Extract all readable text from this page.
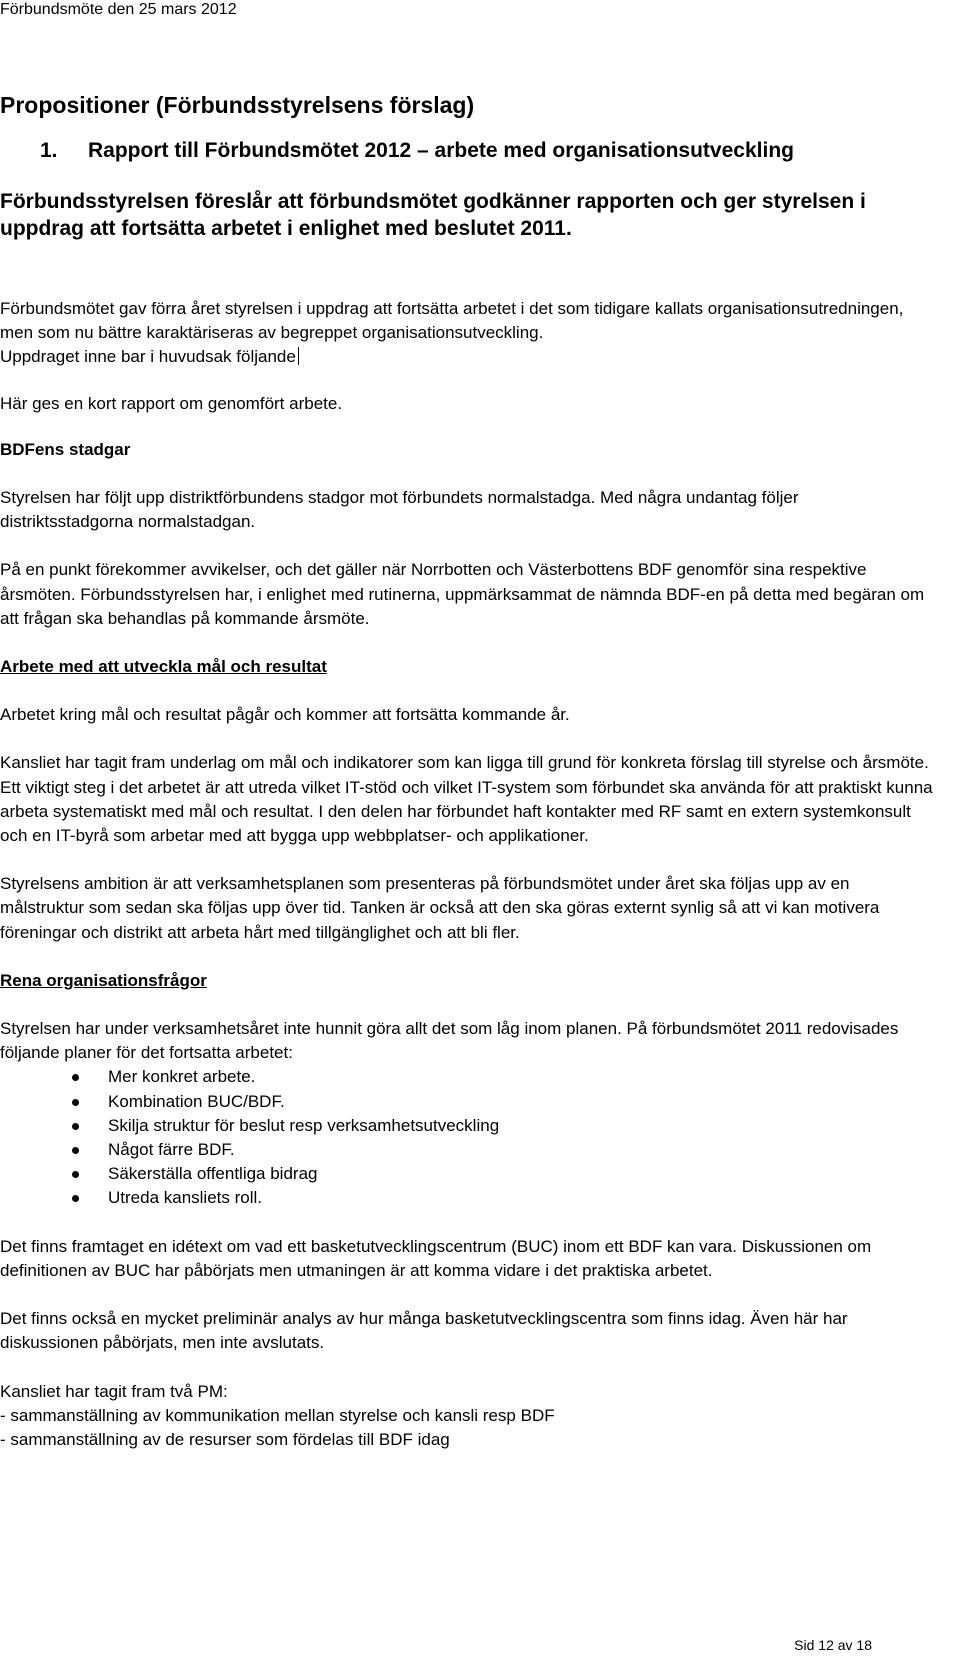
Förbundsmöte den 25 mars 2012
Propositioner (Förbundsstyrelsens förslag)
1. Rapport till Förbundsmötet 2012 – arbete med organisationsutveckling
Förbundsstyrelsen föreslår att förbundsmötet godkänner rapporten och ger styrelsen i uppdrag att fortsätta arbetet i enlighet med beslutet 2011.

Förbundsmötet gav förra året styrelsen i uppdrag att fortsätta arbetet i det som tidigare kallats organisationsutredningen, men som nu bättre karaktäriseras av begreppet organisationsutveckling.

Uppdraget inne bar i huvudsak följande

Här ges en kort rapport om genomfört arbete.

BDFens stadgar

Styrelsen har följt upp distriktförbundens stadgor mot förbundets normalstadga. Med några undantag följer distriktsstadgorna normalstadgan.

På en punkt förekommer avvikelser, och det gäller när Norrbotten och Västerbottens BDF genomför sina respektive årsmöten. Förbundsstyrelsen har, i enlighet med rutinerna, uppmärksammat de nämnda BDF-en på detta med begäran om att frågan ska behandlas på kommande årsmöte.

Arbete med att utveckla mål och resultat

Arbetet kring mål och resultat pågår och kommer att fortsätta kommande år.

Kansliet har tagit fram underlag om mål och indikatorer som kan ligga till grund för konkreta förslag till styrelse och årsmöte. Ett viktigt steg i det arbetet är att utreda vilket IT-stöd och vilket IT-system som förbundet ska använda för att praktiskt kunna arbeta systematiskt med mål och resultat. I den delen har förbundet haft kontakter med RF samt en extern systemkonsult och en IT-byrå som arbetar med att bygga upp webbplatser- och applikationer.

Styrelsens ambition är att verksamhetsplanen som presenteras på förbundsmötet under året ska följas upp av en målstruktur som sedan ska följas upp över tid. Tanken är också att den ska göras externt synlig så att vi kan motivera föreningar och distrikt att arbeta hårt med tillgänglighet och att bli fler.

Rena organisationsfrågor

Styrelsen har under verksamhetsåret inte hunnit göra allt det som låg inom planen. På förbundsmötet 2011 redovisades följande planer för det fortsatta arbetet:

Mer konkret arbete.
Kombination BUC/BDF.
Skilja struktur för beslut resp verksamhetsutveckling
Något färre BDF.
Säkerställa offentliga bidrag
Utreda kansliets roll.

Det finns framtaget en idétext om vad ett basketutvecklingscentrum (BUC) inom ett BDF kan vara. Diskussionen om definitionen av BUC har påbörjats men utmaningen är att komma vidare i det praktiska arbetet.

Det finns också en mycket preliminär analys av hur många basketutvecklingscentra som finns idag. Även här har diskussionen påbörjats, men inte avslutats.

Kansliet har tagit fram två PM:

- sammanställning av kommunikation mellan styrelse och kansli resp BDF

- sammanställning av de resurser som fördelas till BDF idag

Sid 12 av 18
